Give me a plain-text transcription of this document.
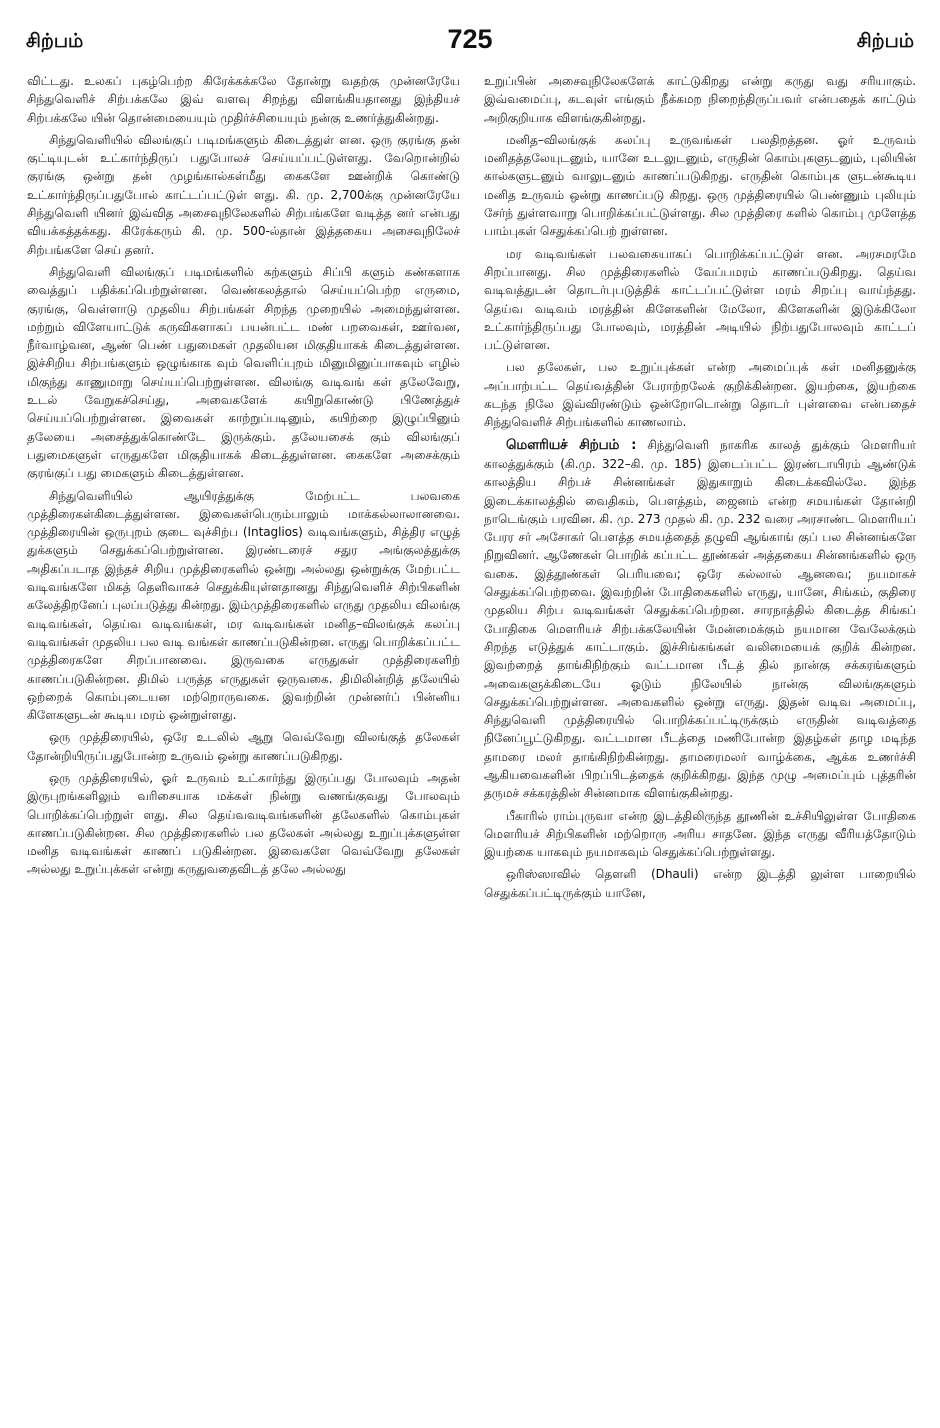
சிற்பம்	725	சிற்பம்

விட்டது. உலகப் புகழ்பெற்ற கிரேக்கக்கலே தோன்று வதற்கு முன்னரேயே சிந்துவெளிச் சிற்பக்கலே இவ் வளவு சிறந்து விளங்கியதானது இந்தியச் சிற்பக்கலே யின் தொன்மையையும் முதிர்ச்சியையும் நன்கு உணர்த்துகின்றது.

சிந்துவெளியில் விலங்குப் படிமங்களும் கிடைத்துள் ளன. ஒரு குரங்கு தன் குட்டியுடன் உட்கார்ந்திருப் பதுபோலச் செய்யப்பட்டுள்ளது. வேறொன்றில் குரங்கு ஒன்று தன் முழங்கால்கள்மீது கைகளே ஊன்றிக் கொண்டு உட்கார்ந்திருப்பதுபோல் காட்டப்பட்டுள் ளது. கி. மு. 2,700க்கு முன்னரேயே சிந்துவெளி யினர் இவ்வித அசைவுநிலேகளில் சிற்பங்களே வடித்த னர் என்பது வியக்கத்தக்கது. கிரேக்கரும் கி. மு. 500-ல்தான் இத்தகைய அசைவுநிலேச் சிற்பங்களே செய் தனர்.

சிந்துவெளி விலங்குப் படிமங்களில் கற்களும் சிப்பி களும் கண்களாக வைத்துப் பதிக்கப்பெற்றுள்ளன. வெண்கலத்தால் செய்யப்பெற்ற எருமை, குரங்கு, வெள்ளாடு முதலிய சிற்பங்கள் சிறந்த முறையில் அமைந்துள்ளன. மற்றும் விளேயாட்டுக் கருவிகளாகப் பயன்பட்ட மண் பறவைகள், ஊர்வன, நீர்வாழ்வன, ஆண் பெண் பதுமைகள் முதலியன மிகுதியாகக் கிடைத்துள்ளன. இச்சிறிய சிற்பங்களும் ஒழுங்காக வும் வெளிப்புறம் மினுமினுப்பாகவும் எழில் மிகுந்து காணுமாறு செய்யப்பெற்றுள்ளன. விலங்கு வடிவங் கள் தலேவேறு, உடல் வேறுகச்செய்து, அவைகளேக் கயிறுகொண்டு பிணேத்துச் செய்யப்பெற்றுள்ளன. இவைகள் காற்றுப்படினும், கயிற்றை இழுப்பினும் தலேயை அசைத்துக்கொண்டே இருக்கும். தலேயசைக் கும் விலங்குப் பதுமைகளுள் எருதுகளே மிகுதியாகக் கிடைத்துள்ளன. கைகளே அசைக்கும் குரங்குப் பது மைகளும் கிடைத்துள்ளன.

சிந்துவெளியில் ஆயிரத்துக்கு மேற்பட்ட பலவகை முத்திரைகள்கிடைத்துள்ளன. இவைகள்பெரும்பாலும் மாக்கல்லாலானவை. முத்திரையின் ஒருபுறம் குடை வுச்சிற்ப (Intaglios) வடிவங்களும், சித்திர எழுத் துக்களும் செதுக்கப்பெற்றுள்ளன. இரண்டரைச் சதுர அங்குலத்துக்கு அதிகப்படாத இந்தச் சிறிய முத்திரைகளில் ஒன்று அல்லது ஒன்றுக்கு மேற்பட்ட வடிவங்களே மிகத் தெளிவாகச் செதுக்கியுள்ளதானது சிந்துவெளிச் சிற்பிகளின் கலேத்திறனேப் புலப்படுத்து கின்றது. இம்முத்திரைகளில் எருது முதலிய விலங்கு வடிவங்கள், தெய்வ வடிவங்கள், மர வடிவங்கள் மனித–விலங்குக் கலப்பு வடிவங்கள் முதலிய பல வடி வங்கள் காணப்படுகின்றன. எருது பொறிக்கப்பட்ட முத்திரைகளே சிறப்பானவை. இருவகை எருதுகள் முத்திரைகளிற் காணப்படுகின்றன. திமில் பருத்த எருதுகள் ஒருவகை. திமிலின்றித் தலேயில் ஒற்றைக் கொம்புடையன மற்றொருவகை. இவற்றின் முன்னர்ப் பின்னிய கிளேகளுடன் கூடிய மரம் ஒன்றுள்ளது.

ஒரு முத்திரையில், ஒரே உடலில் ஆறு வெவ்வேறு விலங்குத் தலேகள் தோன்றியிருப்பதுபோன்ற உருவம் ஒன்று காணப்படுகிறது.

ஒரு முத்திரையில், ஓர் உருவம் உட்கார்ந்து இருப்பது போலவும் அதன் இருபுறங்களிலும் வரிசையாக மக்கள் நின்று வணங்குவது போலவும் பொறிக்கப்பெற்றுள் ளது. சில தெய்வவடிவங்களின் தலேகளில் கொம்புகள் காணப்படுகின்றன. சில முத்திரைகளில் பல தலேகள் அல்லது உறுப்புக்களுள்ள மனித வடிவங்கள் காணப் படுகின்றன. இவைகளே வெவ்வேறு தலேகள் அல்லது உறுப்புக்கள் என்று கருதுவதைவிடத் தலே அல்லது

உறுப்பின் அசைவுநிலேகளேக் காட்டுகிறது என்று கருது வது சரியாகும். இவ்வமைப்பு, கடவுள் எங்கும் நீக்கமற நிறைந்திருப்பவர் என்பதைக் காட்டும் அறிகுறியாக விளங்குகின்றது.

மனித–விலங்குக் கலப்பு உருவங்கள் பலதிறத்தன. ஓர் உருவம் மனிதத்தலேயுடனும், யானே உடலுடனும், எருதின் கொம்புகளுடனும், புலியின் கால்களுடனும் வாலுடனும் காணப்படுகிறது. எருதின் கொம்புக ளுடன்கூடிய மனித உருவம் ஒன்று காணப்படு கிறது. ஒரு முத்திரையில் பெண்ணும் புலியும் சேர்ந் துள்ளவாறு பொறிக்கப்பட்டுள்ளது. சில முத்திரை களில் கொம்பு முளேத்த பாம்புகள் செதுக்கப்பெற் றுள்ளன.

மர வடிவங்கள் பலவகையாகப் பொறிக்கப்பட்டுள் ளன. அரசமரமே சிறப்பானது. சில முத்திரைகளில் வேப்பமரம் காணப்படுகிறது. தெய்வ வடிவத்துடன் தொடர்புபடுத்திக் காட்டப்பட்டுள்ள மரம் சிறப்பு வாய்ந்தது. தெய்வ வடிவம் மரத்தின் கிளேகளின் மேலோ, கிளேகளின் இடுக்கிலோ உட்கார்ந்திருப்பது போலவும், மரத்தின் அடியில் நிற்பதுபோலவும் காட்டப் பட்டுள்ளன.

பல தலேகள், பல உறுப்புக்கள் என்ற அமைப்புக் கள் மனிதனுக்கு அப்பாற்பட்ட தெய்வத்தின் பேராற்றலேக் குறிக்கின்றன. இயற்கை, இயற்கை கடந்த நிலே இவ்விரண்டும் ஒன்றோடொன்று தொடர் புள்ளவை என்பதைச் சிந்துவெளிச் சிற்பங்களில் காணலாம்.

மௌரியச் சிற்பம் : சிந்துவெளி நாகரிக காலத் துக்கும் மௌரியர் காலத்துக்கும் (கி.மு. 322–கி. மு. 185) இடைப்பட்ட இரண்டாயிரம் ஆண்டுக் காலத்திய சிற்பச் சின்னங்கள் இதுகாறும் கிடைக்கவில்லே. இந்த இடைக்காலத்தில் வைதிகம், பௌத்தம், ஜைனம் என்ற சமயங்கள் தோன்றி நாடெங்கும் பரவின. கி. மு. 273 முதல் கி. மு. 232 வரை அரசாண்ட மௌரியப் பேரர சர் அசோகர் பௌத்த சமயத்தைத் தழுவி ஆங்காங் குப் பல சின்னங்களே நிறுவினர். ஆணேகள் பொறிக் கப்பட்ட தூண்கள் அத்தகைய சின்னங்களில் ஒரு வகை. இத்தூண்கள் பெரியவை; ஒரே கல்லால் ஆனவை; நயமாகச் செதுக்கப்பெற்றவை. இவற்றின் போதிகைகளில் எருது, யானே, சிங்கம், குதிரை முதலிய சிற்ப வடிவங்கள் செதுக்கப்பெற்றன. சாரநாத்தில் கிடைத்த சிங்கப் போதிகை மௌரியச் சிற்பக்கலேயின் மேன்மைக்கும் நயமான வேலேக்கும் சிறந்த எடுத்துக் காட்டாகும். இச்சிங்கங்கள் வலிமையைக் குறிக் கின்றன. இவற்றைத் தாங்கிநிற்கும் வட்டமான பீடத் தில் நான்கு சக்கரங்களும் அவைகளுக்கிடையே ஓடும் நிலேயில் நான்கு விலங்குகளும் செதுக்கப்பெற்றுள்ளன. அவைகளில் ஒன்று எருது. இதன் வடிவ அமைப்பு, சிந்துவெளி முத்திரையில் பொறிக்கப்பட்டிருக்கும் எருதின் வடிவத்தை நினேப்பூட்டுகிறது. வட்டமான பீடத்தை மணிபோன்ற இதழ்கள் தாழ மடிந்த தாமரை மலர் தாங்கிநிற்கின்றது. தாமரைமலர் வாழ்க்கை, ஆக்க உணர்ச்சி ஆகியவைகளின் பிறப்பிடத்தைக் குறிக்கிறது. இந்த முழு அமைப்பும் புத்தரின் தருமச் சக்கரத்தின் சின்னமாக விளங்குகின்றது.

பீகாரில் ராம்புருவா என்ற இடத்திலிருந்த தூணின் உச்சியிலுள்ள போதிகை மௌரியச் சிற்பிகளின் மற்றொரு அரிய சாதனே. இந்த எருது வீரியத்தோடும் இயற்கை யாகவும் நயமாகவும் செதுக்கப்பெற்றுள்ளது.

ஒரிஸ்ஸாவில் தௌளி (Dhauli) என்ற இடத்தி லுள்ள பாறையில் செதுக்கப்பட்டிருக்கும் யானே,
